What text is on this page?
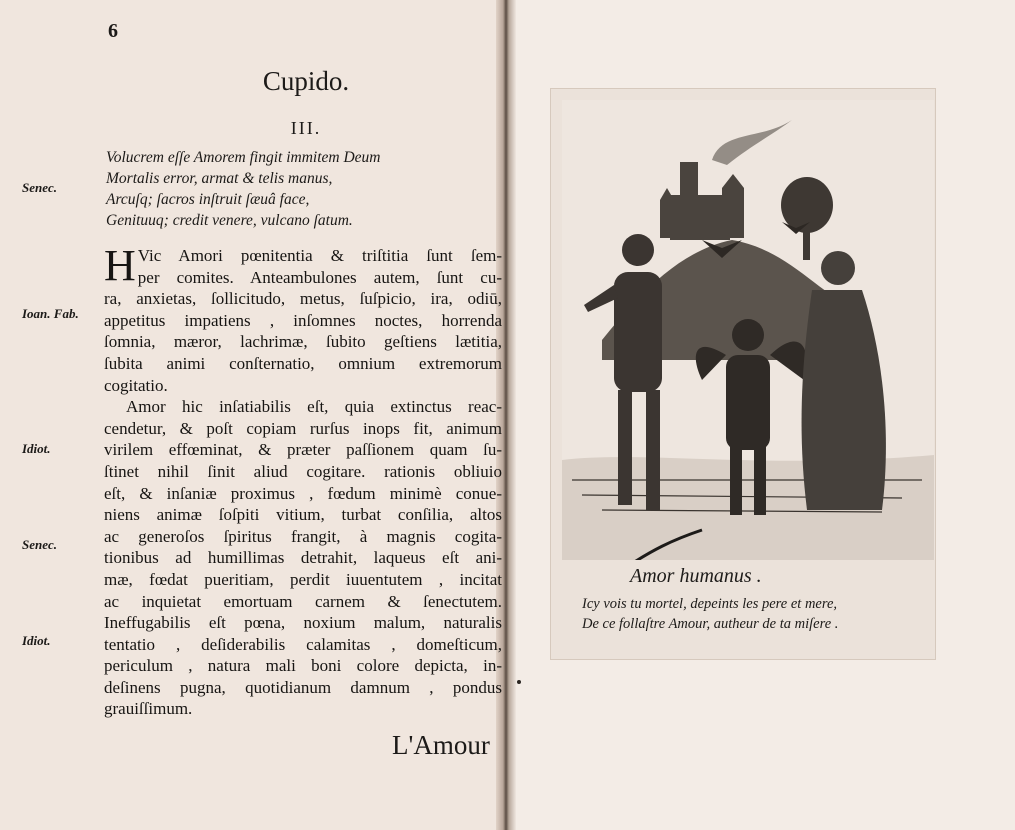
6
Cupido.
III.
Volucrem eſſe Amorem fingit immitem Deum
Mortalis error, armat & telis manus,
Arcuſq; ſacros inſtruit ſæuâ face,
Genituuq; credit venere, vulcano ſatum.
Senec.
Ioan. Fab.
Idiot.
Senec.
Idiot.
H Vic Amori pœnitentia & triſtitia ſunt ſem-
per comites. Anteambulones autem, ſunt cu-
ra, anxietas, ſollicitudo, metus, ſuſpicio, ira, odiū,
appetitus impatiens , inſomnes noctes, horrenda
ſomnia, mæror, lachrimæ, ſubito geſtiens lætitia,
ſubita animi conſternatio, omnium extremorum
cogitatio.
Amor hic inſatiabilis eſt, quia extinctus reac-
cendetur, & poſt copiam rurſus inops fit, animum
virilem effœminat, & præter paſſionem quam ſu-
ſtinet nihil ſinit aliud cogitare. rationis obliuio
eſt, & inſaniæ proximus , fœdum minimè conue-
niens animæ ſoſpiti vitium, turbat conſilia, altos
ac generoſos ſpiritus frangit, à magnis cogita-
tionibus ad humillimas detrahit, laqueus eſt ani-
mæ, fœdat pueritiam, perdit iuuentutem , incitat
ac inquietat emortuam carnem & ſenectutem.
Ineffugabilis eſt pœna, noxium malum, naturalis
tentatio , deſiderabilis calamitas , domeſticum,
periculum , natura mali boni colore depicta, in-
deſinens pugna, quotidianum damnum , pondus
grauiſſimum.
L'Amour
Amor humanus .
Icy vois tu mortel, depeints les pere et mere,
De ce follaſtre Amour, autheur de ta miſere .
